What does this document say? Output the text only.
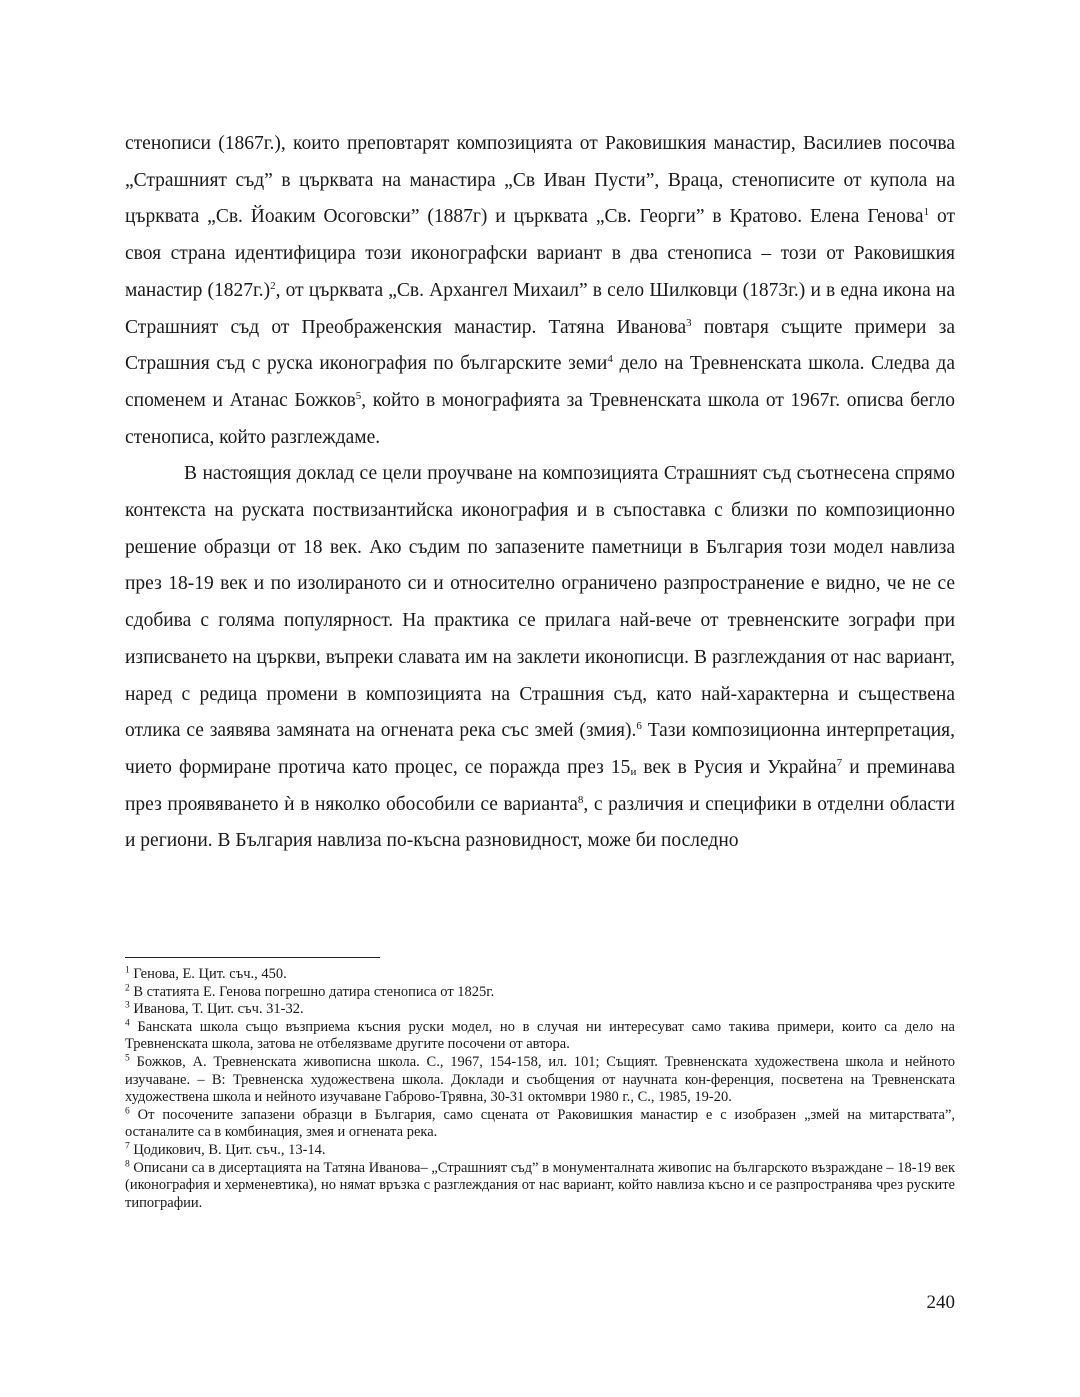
стенописи (1867г.), които преповтарят композицията от Раковишкия манастир, Василиев посочва „Страшният съд” в църквата на манастира „Св Иван Пусти”, Враца, стенописите от купола на църквата „Св. Йоаким Осоговски” (1887г) и църквата „Св. Георги” в Кратово. Елена Генова$^1$ от своя страна идентифицира този иконографски вариант в два стенописа – този от Раковишкия манастир $(1827г.)^2$, от църквата „Св. Архангел Михаил” в село Шилковци (1873г.) и в една икона на Страшният съд от Преображенския манастир. Татяна Иванова$^3$ повтаря същите примери за Страшния съд с руска иконография по българските земи$^4$ дело на Тревненската школа. Следва да споменем и Атанас Божков$^5$, който в монографията за Тревненската школа от 1967г. описва бегло стенописа, който разглеждаме.

В настоящия доклад се цели проучване на композицията Страшният съд съотнесена спрямо контекста на руската поствизантийска иконография и в съпоставка с близки по композиционно решение образци от 18 век. Ако съдим по запазените паметници в България този модел навлиза през 18-19 век и по изолираното си и относително ограничено разпространение е видно, че не се сдобива с голяма популярност. На практика се прилага най-вече от тревненските зографи при изписването на църкви, въпреки славата им на заклети иконописци. В разглеждания от нас вариант, наред с редица промени в композицията на Страшния съд, като най-характерна и съществена отлика се заявява замяната на огнената река със змей (змия).$^6$ Тази композиционна интерпретация, чието формиране протича като процес, се поражда през $15_и$ век в Русия и Украйна$^7$ и преминава през проявяването ѝ в няколко обособили се варианта$^8$, с различия и специфики в отделни области и региони. В България навлиза по-късна разновидност, може би последно

$^1$ Генова, Е. Цит. съч., 450.

$^2$ В статията Е. Генова погрешно датира стенописа от 1825г.

$^3$ Иванова, Т. Цит. съч. 31-32.

$^4$ Банската школа също възприема късния руски модел, но в случая ни интересуват само такива примери, които са дело на Тревненската школа, затова не отбелязваме другите посочени от автора.

$^5$ Божков, А. Тревненската живописна школа. С., 1967, 154-158, ил. 101; Същият. Тревненската художествена школа и нейното изучаване. – В: Тревненска художествена школа. Доклади и съобщения от научната кон-ференция, посветена на Тревненската художествена школа и нейното изучаване Габрово-Трявна, 30-31 октомври 1980 г., С., 1985, 19-20.

$^6$ От посочените запазени образци в България, само сцената от Раковишкия манастир е с изобразен „змей на митарствата”, останалите са в комбинация, змея и огнената река.

$^7$ Цодикович, В. Цит. съч., 13-14.

$^8$ Описани са в дисертацията на Татяна Иванова– „Страшният съд” в монументалната живопис на българското възраждане – 18-19 век (иконография и херменевтика), но нямат връзка с разглеждания от нас вариант, който навлиза късно и се разпространява чрез руските типографии.

240
